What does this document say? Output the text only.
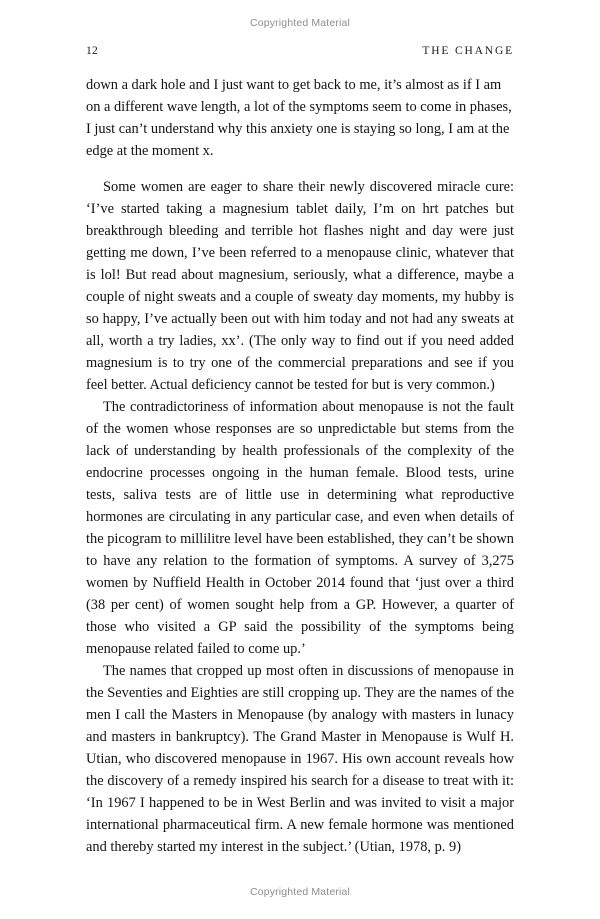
Copyrighted Material
12	THE CHANGE

down a dark hole and I just want to get back to me, it’s almost as if I am on a different wave length, a lot of the symptoms seem to come in phases, I just can’t understand why this anxiety one is staying so long, I am at the edge at the moment x.

Some women are eager to share their newly discovered miracle cure: ‘I’ve started taking a magnesium tablet daily, I’m on hrt patches but breakthrough bleeding and terrible hot flashes night and day were just getting me down, I’ve been referred to a menopause clinic, whatever that is lol! But read about magnesium, seriously, what a difference, maybe a couple of night sweats and a couple of sweaty day moments, my hubby is so happy, I’ve actually been out with him today and not had any sweats at all, worth a try ladies, xx’. (The only way to find out if you need added magnesium is to try one of the commercial preparations and see if you feel better. Actual deficiency cannot be tested for but is very common.)

The contradictoriness of information about menopause is not the fault of the women whose responses are so unpredictable but stems from the lack of understanding by health professionals of the complexity of the endocrine processes ongoing in the human female. Blood tests, urine tests, saliva tests are of little use in determining what reproductive hormones are circulating in any particular case, and even when details of the picogram to millilitre level have been established, they can’t be shown to have any relation to the formation of symptoms. A survey of 3,275 women by Nuffield Health in October 2014 found that ‘just over a third (38 per cent) of women sought help from a GP. However, a quarter of those who visited a GP said the possibility of the symptoms being menopause related failed to come up.’

The names that cropped up most often in discussions of menopause in the Seventies and Eighties are still cropping up. They are the names of the men I call the Masters in Menopause (by analogy with masters in lunacy and masters in bankruptcy). The Grand Master in Menopause is Wulf H. Utian, who discovered menopause in 1967. His own account reveals how the discovery of a remedy inspired his search for a disease to treat with it: ‘In 1967 I happened to be in West Berlin and was invited to visit a major international pharmaceutical firm. A new female hormone was mentioned and thereby started my interest in the subject.’ (Utian, 1978, p. 9)

Copyrighted Material
